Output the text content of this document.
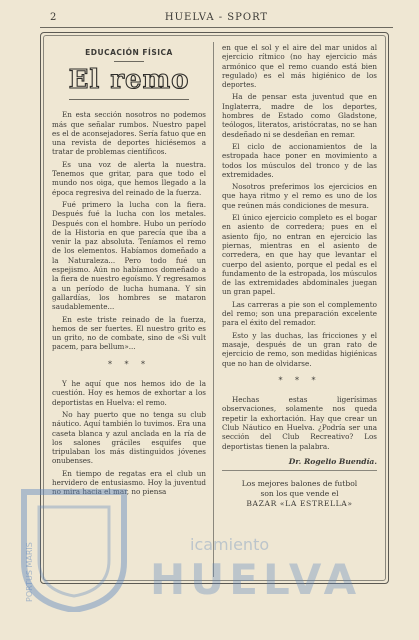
2	HUELVA - SPORT
EDUCACIÓN FÍSICA
El remo

En esta sección nosotros no podemos más que señalar rumbos. Nuestro papel es el de aconsejadores. Sería fatuo que en una revista de deportes hiciésemos a tratar de problemas científicos.

Es una voz de alerta la nuestra. Tenemos que gritar, para que todo el mundo nos oiga, que hemos llegado a la época regresiva del reinado de la fuerza.

Fué primero la lucha con la fiera. Después fué la lucha con los metales. Después con el hombre. Hubo un período de la Historia en que parecía que iba a venir la paz absoluta. Teníamos el remo de los elementos. Habíamos domeñado a la Naturaleza... Pero todo fué un espejismo. Aún no habíamos domeñado a la fiera de nuestro egoísmo. Y regresamos a un período de lucha humana. Y sin gallardías, los hombres se mataron saudablemente...

En este triste reinado de la fuerza, hemos de ser fuertes. El nuestro grito es un grito, no de combate, sino de «Si vult pacem, para bellum»...

* * *

Y he aquí que nos hemos ido de la cuestión. Hoy es hemos de exhortar a los deportistas en Huelva: el remo.

No hay puerto que no tenga su club náutico. Aquí también lo tuvimos. Era una caseta blanca y azul anclada en la ría de los salones gráciles esquifes que tripulaban los más distinguidos jóvenes onubenses.

En tiempo de regatas era el club un hervidero de entusiasmo. Hoy la juventud no mira hacia el mar, no piensa

en que el sol y el aire del mar unidos al ejercicio rítmico (no hay ejercicio más armónico que el remo cuando está bien regulado) es el más higiénico de los deportes.

Ha de pensar esta juventud que en Inglaterra, madre de los deportes, hombres de Estado como Gladstone, teólogos, literatos, aristócratas, no se han desdeñado ni se desdeñan en remar.

El ciclo de accionamientos de la estropada hace poner en movimiento a todos los músculos del tronco y de las extremidades.

Nosotros preferimos los ejercicios en que haya ritmo y el remo es uno de los que reúnen más condiciones de mesura.

El único ejercicio completo es el bogar en asiento de corredera; pues en el asiento fijo, no entran en ejercicio las piernas, mientras en el asiento de corredera, en que hay que levantar el cuerpo del asiento, porque el pedal es el fundamento de la estropada, los músculos de las extremidades abdominales juegan un gran papel.

Las carreras a pie son el complemento del remo; son una preparación excelente para el éxito del remador.

Esto y las duchas, las fricciones y el masaje, después de un gran rato de ejercicio de remo, son medidas higiénicas que no han de olvidarse.

* * *

Hechas estas ligerísimas observaciones, solamente nos queda repetir la exhortación. Hay que crear un Club Náutico en Huelva. ¿Podría ser una sección del Club Recreativo? Los deportistas tienen la palabra.

Dr. Rogelio Buendía.
Los mejores balones de futbol
son los que vende el
BAZAR «LA ESTRELLA»
PORTUS MARIS	icamiento
HUELVA
